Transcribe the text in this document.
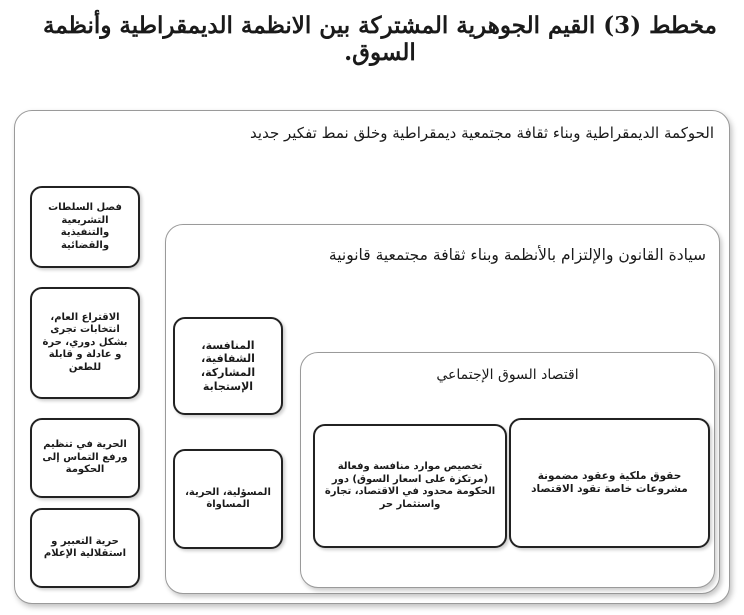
مخطط (3) القيم الجوهرية المشتركة بين الانظمة الديمقراطية وأنظمة السوق.
الحوكمة الديمقراطية وبناء ثقافة مجتمعية ديمقراطية وخلق نمط تفكير جديد
سيادة القانون والإلتزام بالأنظمة وبناء ثقافة مجتمعية قانونية
اقتصاد السوق الإجتماعي
فصل السلطات التشريعية والتنفيذية والقضائية
الاقتراع العام، انتخابات تجرى بشكل دوري، حرة و عادلة و قابلة للطعن
الحرية في تنظيم ورفع التماس إلى الحكومة
حرية التعبير و استقلالية الإعلام
المنافسة، الشفافية، المشاركة، الإستجابة
المسؤلية، الحرية، المساواة
تخصيص موارد منافسة وفعالة (مرتكزة على اسعار السوق) دور الحكومة محدود في الاقتصاد، تجارة واستثمار حر
حقوق ملكية وعقود مضمونة مشروعات خاصة تقود الاقتصاد
